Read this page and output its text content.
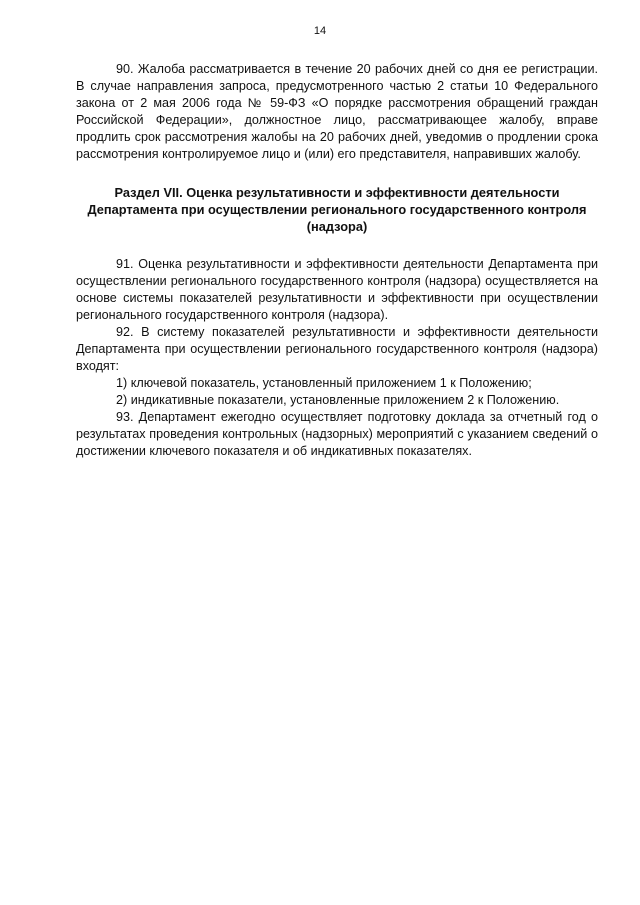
14

90. Жалоба рассматривается в течение 20 рабочих дней со дня ее регистрации. В случае направления запроса, предусмотренного частью 2 статьи 10 Федерального закона от 2 мая 2006 года № 59-ФЗ «О порядке рассмотрения обращений граждан Российской Федерации», должностное лицо, рассматривающее жалобу, вправе продлить срок рассмотрения жалобы на 20 рабочих дней, уведомив о продлении срока рассмотрения контролируемое лицо и (или) его представителя, направивших жалобу.

Раздел VII. Оценка результативности и эффективности деятельности Департамента при осуществлении регионального государственного контроля (надзора)

91. Оценка результативности и эффективности деятельности Департамента при осуществлении регионального государственного контроля (надзора) осуществляется на основе системы показателей результативности и эффективности при осуществлении регионального государственного контроля (надзора).

92. В систему показателей результативности и эффективности деятельности Департамента при осуществлении регионального государственного контроля (надзора) входят:

1) ключевой показатель, установленный приложением 1 к Положению;

2) индикативные показатели, установленные приложением 2 к Положению.

93. Департамент ежегодно осуществляет подготовку доклада за отчетный год о результатах проведения контрольных (надзорных) мероприятий с указанием сведений о достижении ключевого показателя и об индикативных показателях.
